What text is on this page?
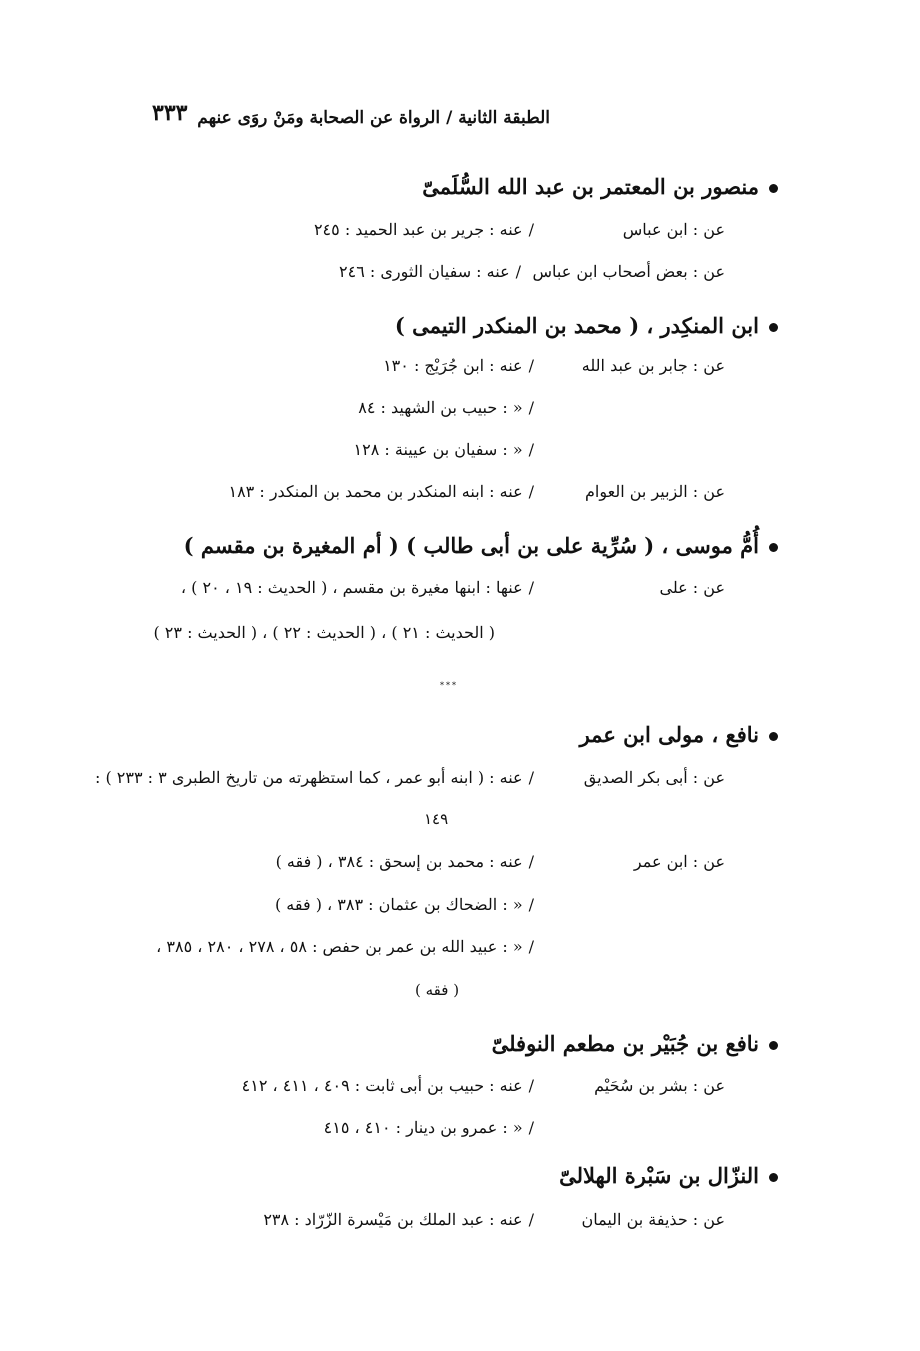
الطبقة الثانية / الرواة عن الصحابة ومَنْ روَى عنهم
٣٣٣
منصور بن المعتمر بن عبد الله السُّلَمىّ
عن : ابن عباس
/عنه : جرير بن عبد الحميد : ٢٤٥
عن : بعض أصحاب ابن عباس
/عنه : سفيان الثورى : ٢٤٦
ابن المنكِدر ، ( محمد بن المنكدر التيمى )
عن : جابر بن عبد الله
/عنه : ابن جُرَيْج : ١٣٠
/« : حبيب بن الشهيد : ٨٤
/« : سفيان بن عيينة : ١٢٨
عن : الزبير بن العوام
/عنه : ابنه المنكدر بن محمد بن المنكدر : ١٨٣
أُمُّ موسى ، ( سُرِّية على بن أبى طالب ) ( أم المغيرة بن مقسم )
عن : على
/عنها : ابنها مغيرة بن مقسم ، ( الحديث : ١٩ ، ٢٠ ) ،
( الحديث : ٢١ ) ، ( الحديث : ٢٢ ) ، ( الحديث : ٢٣ )
***
نافع ، مولى ابن عمر
عن : أبى بكر الصديق
/عنه : ( ابنه أبو عمر ، كما استظهرته من تاريخ الطبرى ٣ : ٢٣٣ ) :
١٤٩
عن : ابن عمر
/عنه : محمد بن إسحق : ٣٨٤ ، ( فقه )
/« : الضحاك بن عثمان : ٣٨٣ ، ( فقه )
/« : عبيد الله بن عمر بن حفص : ٥٨ ، ٢٧٨ ، ٢٨٠ ، ٣٨٥ ،
( فقه )
نافع بن جُبَيْر بن مطعم النوفلىّ
عن : بشر بن سُحَيْم
/عنه : حبيب بن أبى ثابت : ٤٠٩ ، ٤١١ ، ٤١٢
/« : عمرو بن دينار : ٤١٠ ، ٤١٥
النزّال بن سَبْرة الهلالىّ
عن : حذيفة بن اليمان
/عنه : عبد الملك بن مَيْسرة الزّرّاد : ٢٣٨
